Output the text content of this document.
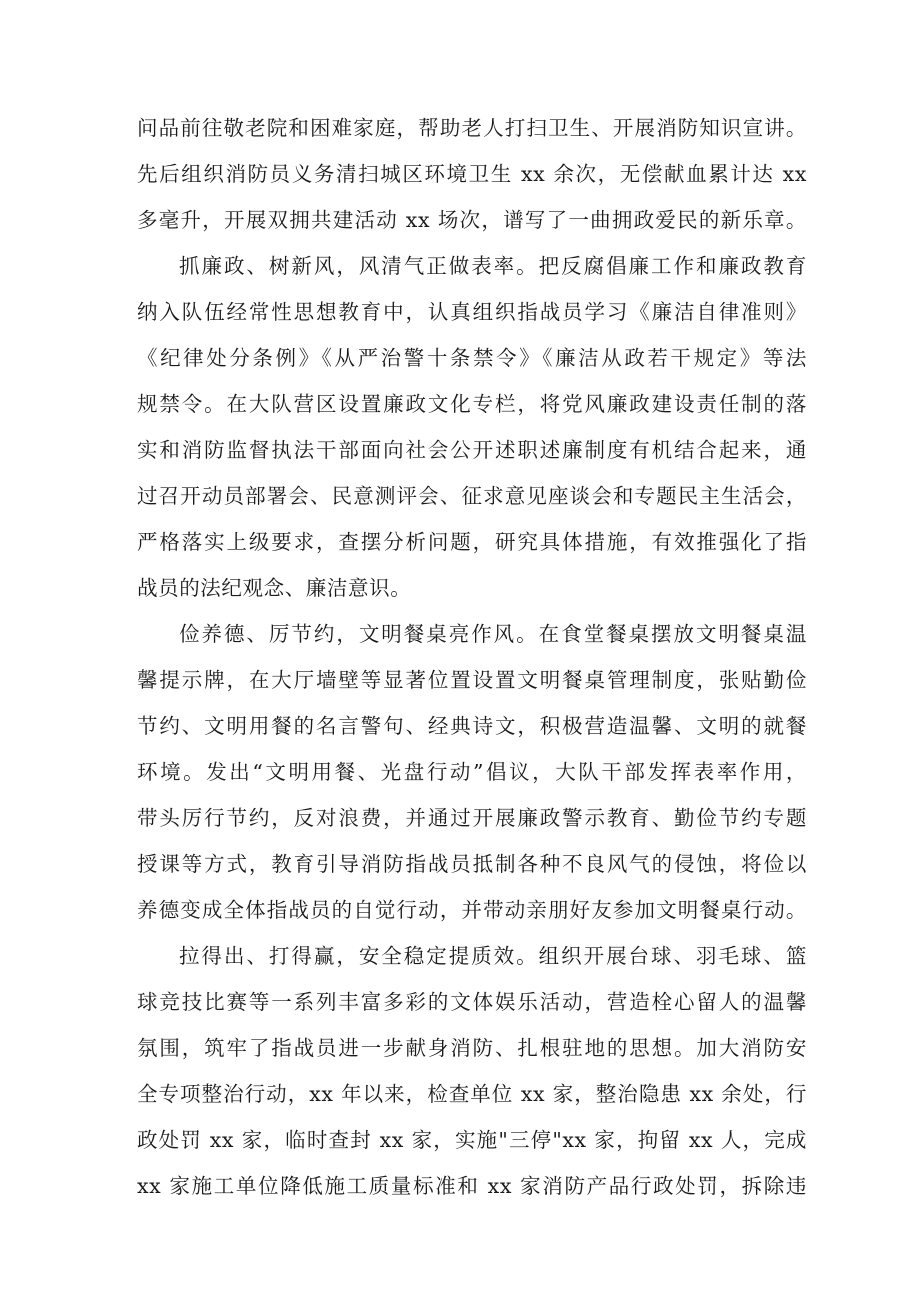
问品前往敬老院和困难家庭，帮助老人打扫卫生、开展消防知识宣讲。
先后组织消防员义务清扫城区环境卫生 xx 余次，无偿献血累计达 xx
多毫升，开展双拥共建活动 xx 场次，谱写了一曲拥政爱民的新乐章。
抓廉政、树新风，风清气正做表率。把反腐倡廉工作和廉政教育
纳入队伍经常性思想教育中，认真组织指战员学习《廉洁自律准则》
《纪律处分条例》《从严治警十条禁令》《廉洁从政若干规定》等法
规禁令。在大队营区设置廉政文化专栏，将党风廉政建设责任制的落
实和消防监督执法干部面向社会公开述职述廉制度有机结合起来，通
过召开动员部署会、民意测评会、征求意见座谈会和专题民主生活会，
严格落实上级要求，查摆分析问题，研究具体措施，有效推强化了指
战员的法纪观念、廉洁意识。
俭养德、厉节约，文明餐桌亮作风。在食堂餐桌摆放文明餐桌温
馨提示牌，在大厅墙壁等显著位置设置文明餐桌管理制度，张贴勤俭
节约、文明用餐的名言警句、经典诗文，积极营造温馨、文明的就餐
环境。发出“文明用餐、光盘行动”倡议，大队干部发挥表率作用，
带头厉行节约，反对浪费，并通过开展廉政警示教育、勤俭节约专题
授课等方式，教育引导消防指战员抵制各种不良风气的侵蚀，将俭以
养德变成全体指战员的自觉行动，并带动亲朋好友参加文明餐桌行动。
拉得出、打得赢，安全稳定提质效。组织开展台球、羽毛球、篮
球竞技比赛等一系列丰富多彩的文体娱乐活动，营造栓心留人的温馨
氛围，筑牢了指战员进一步献身消防、扎根驻地的思想。加大消防安
全专项整治行动，xx 年以来，检查单位 xx 家，整治隐患 xx 余处，行
政处罚 xx 家，临时查封 xx 家，实施"三停"xx 家，拘留 xx 人，完成
xx 家施工单位降低施工质量标准和 xx 家消防产品行政处罚，拆除违
